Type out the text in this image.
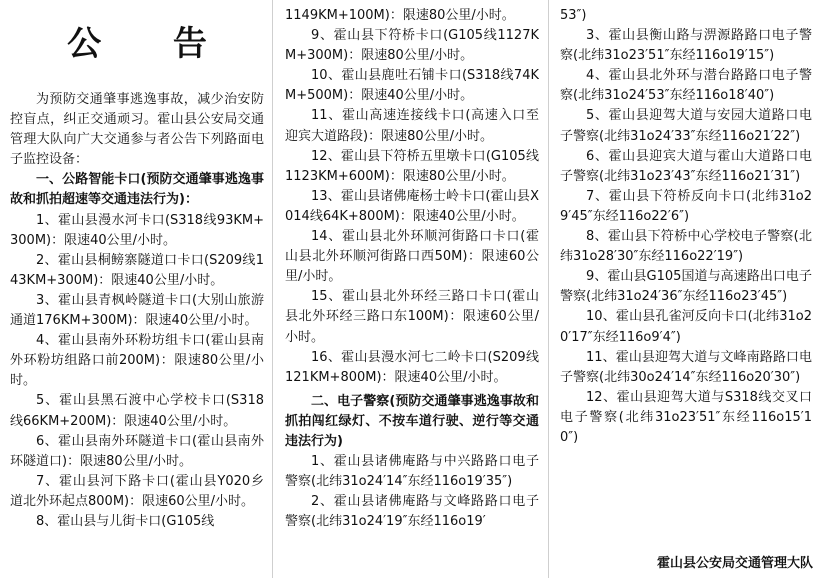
公 告

为预防交通肇事逃逸事故，减少治安防控盲点，纠正交通顽习。霍山县公安局交通管理大队向广大交通参与者公告下列路面电子监控设备：

一、公路智能卡口(预防交通肇事逃逸事故和抓拍超速等交通违法行为)：

1、霍山县漫水河卡口(S318线93KM+300M)：限速40公里/小时。

2、霍山县桐鳑寨隧道口卡口(S209线143KM+300M)：限速40公里/小时。

3、霍山县青枫岭隧道卡口(大别山旅游通道176KM+300M)：限速40公里/小时。

4、霍山县南外环粉坊组卡口(霍山县南外环粉坊组路口前200M)：限速80公里/小时。

5、霍山县黑石渡中心学校卡口(S318线66KM+200M)：限速40公里/小时。

6、霍山县南外环隧道卡口(霍山县南外环隧道口)：限速80公里/小时。

7、霍山县河下路卡口(霍山县Y020乡道北外环起点800M)：限速60公里/小时。

8、霍山县与儿街卡口(G105线

1149KM+100M)：限速80公里/小时。

9、霍山县下符桥卡口(G105线1127KM+300M)：限速80公里/小时。

10、霍山县鹿吐石铺卡口(S318线74KM+500M)：限速40公里/小时。

11、霍山高速连接线卡口(高速入口至迎宾大道路段)：限速80公里/小时。

12、霍山县下符桥五里墩卡口(G105线1123KM+600M)：限速80公里/小时。

13、霍山县诸佛庵杨士岭卡口(霍山县X014线64K+800M)：限速40公里/小时。

14、霍山县北外环顺河街路口卡口(霍山县北外环顺河街路口西50M)：限速60公里/小时。

15、霍山县北外环经三路口卡口(霍山县北外环经三路口东100M)：限速60公里/小时。

16、霍山县漫水河七二岭卡口(S209线121KM+800M)：限速40公里/小时。

二、电子警察(预防交通肇事逃逸事故和抓拍闯红绿灯、不按车道行驶、逆行等交通违法行为)

1、霍山县诸佛庵路与中兴路路口电子警察(北纬31o24′14″东经116o19′35″)

2、霍山县诸佛庵路与文峰路路口电子警察(北纬31o24′19″东经116o19′

53″)

3、霍山县衡山路与淠源路路口电子警察(北纬31o23′51″东经116o19′15″)

4、霍山县北外环与潜台路路口电子警察(北纬31o24′53″东经116o18′40″)

5、霍山县迎驾大道与安园大道路口电子警察(北纬31o24′33″东经116o21′22″)

6、霍山县迎宾大道与霍山大道路口电子警察(北纬31o23′43″东经116o21′31″)

7、霍山县下符桥反向卡口(北纬31o29′45″东经116o22′6″)

8、霍山县下符桥中心学校电子警察(北纬31o28′30″东经116o22′19″)

9、霍山县G105国道与高速路出口电子警察(北纬31o24′36″东经116o23′45″)

10、霍山县孔雀河反向卡口(北纬31o20′17″东经116o9′4″)

11、霍山县迎驾大道与文峰南路路口电子警察(北纬30o24′14″东经116o20′30″)

12、霍山县迎驾大道与S318线交叉口电子警察(北纬31o23′51″东经116o15′10″)

霍山县公安局交通管理大队
